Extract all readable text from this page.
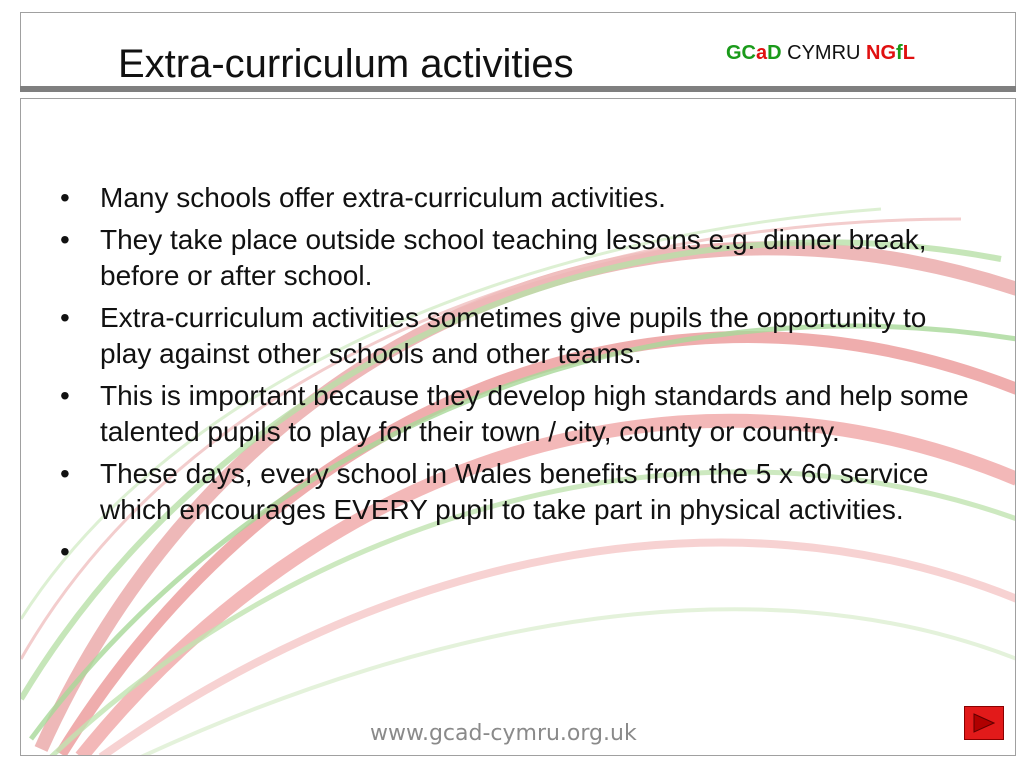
Extra-curriculum activities	GCaD CYMRU NGfL
• Many schools offer extra-curriculum activities.
• They take place outside school teaching lessons e.g. dinner break, before or after school.
• Extra-curriculum activities sometimes give pupils the opportunity to play against other schools and other teams.
• This is important because they develop high standards and help some talented pupils to play for their town / city, county or country.
• These days, every school in Wales benefits from the 5 x 60 service which encourages EVERY pupil to take part in physical activities.
•
www.gcad-cymru.org.uk
